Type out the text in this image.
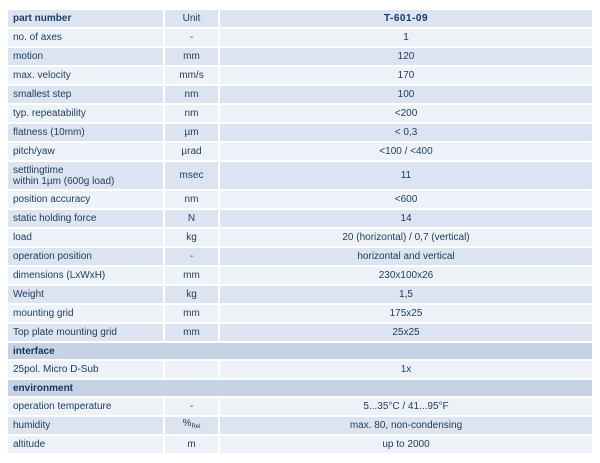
part number	Unit	T-601-09
no. of axes	-	1
motion	mm	120
max. velocity	mm/s	170
smallest step	nm	100
typ. repeatability	nm	<200
flatness (10mm)	µm	< 0,3
pitch/yaw	µrad	<100 / <400
settlingtime
within 1µm (600g load)	msec	11
position accuracy	nm	<600
static holding force	N	14
load	kg	20 (horizontal) / 0,7 (vertical)
operation position	-	horizontal and vertical
dimensions (LxWxH)	mm	230x100x26
Weight	kg	1,5
mounting grid	mm	175x25
Top plate mounting grid	mm	25x25
interface		
25pol. Micro D-Sub		1x
environment		
operation temperature	-	5...35°C / 41...95°F
humidity	$\%_{Rel}$	max. 80, non-condensing
altitude	m	up to 2000
